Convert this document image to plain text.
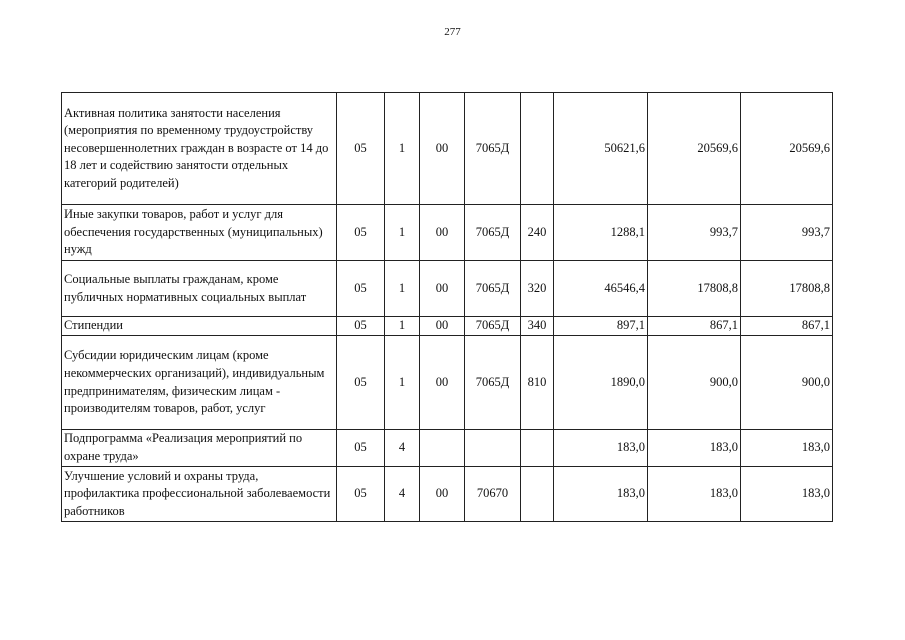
277
Активная политика занятости населения (мероприятия по временному трудоустройству несовершеннолетних граждан в возрасте от 14 до 18 лет и содействию занятости отдельных категорий родителей)	05	1	00	7065Д		50621,6	20569,6	20569,6
Иные закупки товаров, работ и услуг для обеспечения государственных (муниципальных) нужд	05	1	00	7065Д	240	1288,1	993,7	993,7
Социальные выплаты гражданам, кроме публичных нормативных социальных выплат	05	1	00	7065Д	320	46546,4	17808,8	17808,8
Стипендии	05	1	00	7065Д	340	897,1	867,1	867,1
Субсидии юридическим лицам (кроме некоммерческих организаций), индивидуальным предпринимателям, физическим лицам - производителям товаров, работ, услуг	05	1	00	7065Д	810	1890,0	900,0	900,0
Подпрограмма «Реализация мероприятий по охране труда»	05	4				183,0	183,0	183,0
Улучшение условий и охраны труда, профилактика профессиональной заболеваемости работников	05	4	00	70670		183,0	183,0	183,0
